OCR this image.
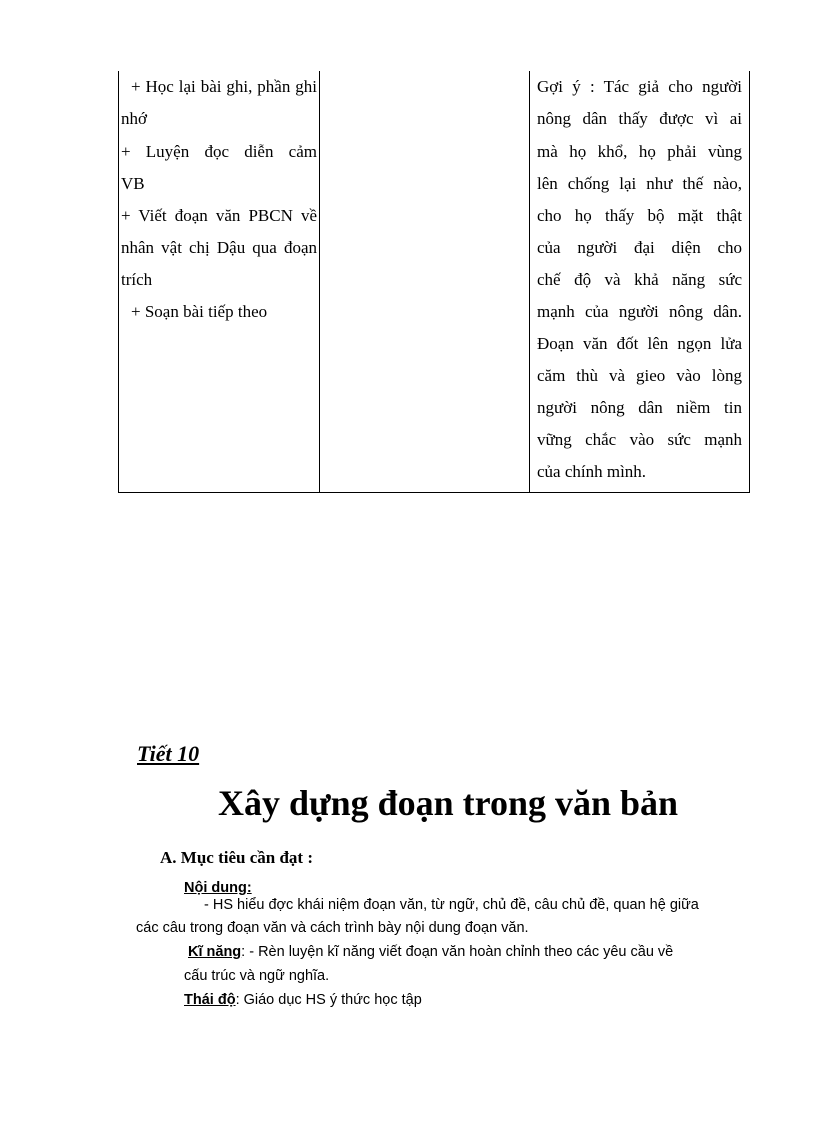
+ Học lại bài ghi, phần ghi
nhớ
+ Luyện đọc diễn cảm
VB
+ Viết đoạn văn PBCN về
nhân vật chị Dậu qua đoạn
trích
+ Soạn bài tiếp theo
Gợi ý : Tác giả cho người
nông dân thấy được vì ai
mà họ khổ, họ phải vùng
lên chống lại như thế nào,
cho họ thấy bộ mặt thật
của người đại diện cho
chế độ và khả năng sức
mạnh của người nông dân.
Đoạn văn đốt lên ngọn lửa
căm thù và gieo vào lòng
người nông dân niềm tin
vững chắc vào sức mạnh
của chính mình.
Tiết 10
Xây dựng đoạn trong văn bản
A. Mục tiêu cần đạt :
Nội dung:
- HS hiểu đợc khái niệm đoạn văn, từ ngữ, chủ đề, câu chủ đề, quan hệ giữa
các câu trong đoạn văn và cách trình bày nội dung đoạn văn.
Kĩ năng: - Rèn luyện kĩ năng viết đoạn văn hoàn chỉnh theo các yêu cầu về
cấu trúc và ngữ nghĩa.
Thái độ: Giáo dục HS ý thức học tập
